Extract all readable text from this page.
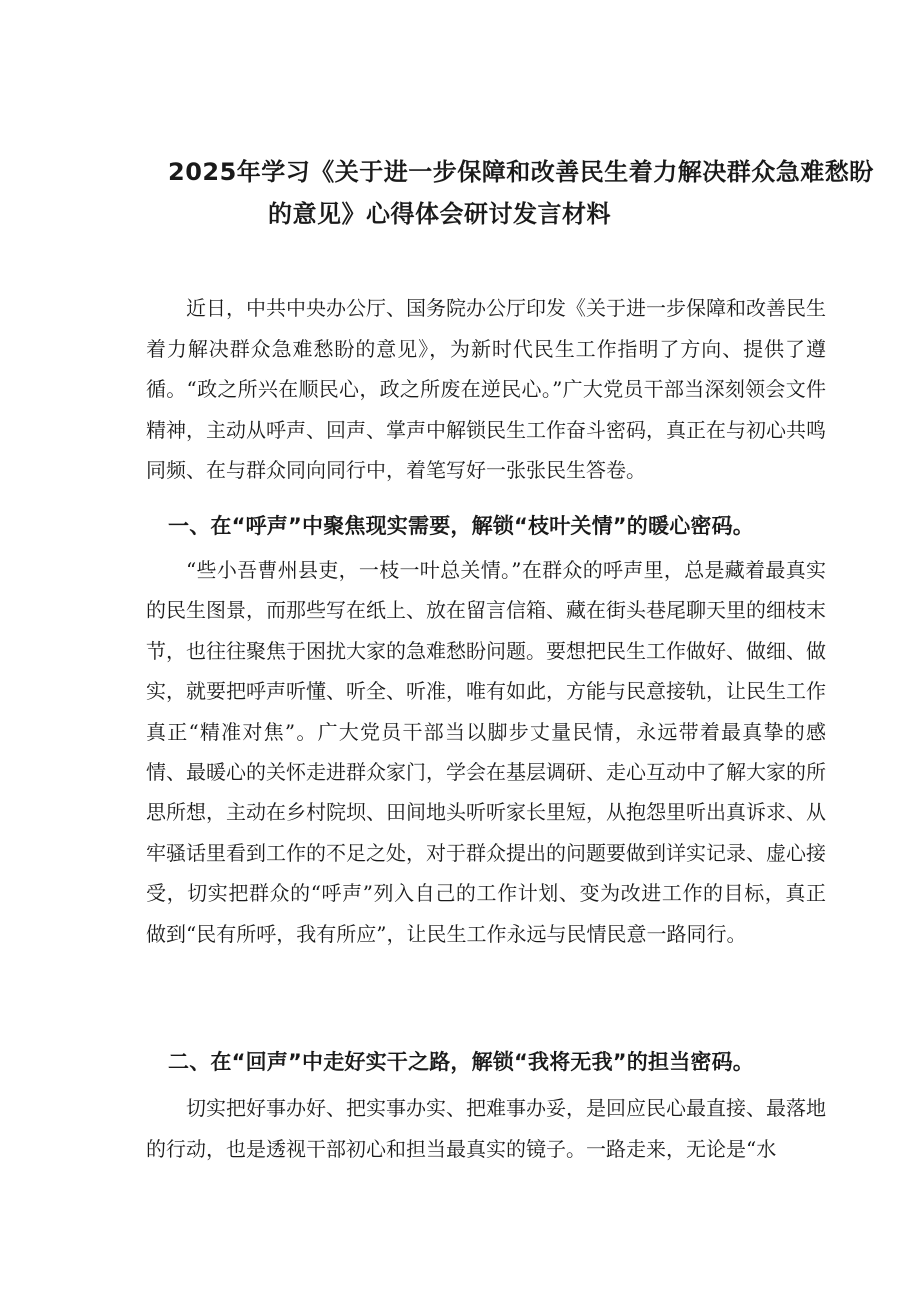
2025年学习《关于进一步保障和改善民生着力解决群众急难愁盼
的意见》心得体会研讨发言材料

近日，中共中央办公厅、国务院办公厅印发《关于进一步保障和改善民生着力解决群众急难愁盼的意见》，为新时代民生工作指明了方向、提供了遵循。“政之所兴在顺民心，政之所废在逆民心。”广大党员干部当深刻领会文件精神，主动从呼声、回声、掌声中解锁民生工作奋斗密码，真正在与初心共鸣同频、在与群众同向同行中，着笔写好一张张民生答卷。

一、在“呼声”中聚焦现实需要，解锁“枝叶关情”的暖心密码。

“些小吾曹州县吏，一枝一叶总关情。”在群众的呼声里，总是藏着最真实的民生图景，而那些写在纸上、放在留言信箱、藏在街头巷尾聊天里的细枝末节，也往往聚焦于困扰大家的急难愁盼问题。要想把民生工作做好、做细、做实，就要把呼声听懂、听全、听准，唯有如此，方能与民意接轨，让民生工作真正“精准对焦”。广大党员干部当以脚步丈量民情，永远带着最真挚的感情、最暖心的关怀走进群众家门，学会在基层调研、走心互动中了解大家的所思所想，主动在乡村院坝、田间地头听听家长里短，从抱怨里听出真诉求、从牢骚话里看到工作的不足之处，对于群众提出的问题要做到详实记录、虚心接受，切实把群众的“呼声”列入自己的工作计划、变为改进工作的目标，真正做到“民有所呼，我有所应”，让民生工作永远与民情民意一路同行。

二、在“回声”中走好实干之路，解锁“我将无我”的担当密码。

切实把好事办好、把实事办实、把难事办妥，是回应民心最直接、最落地的行动，也是透视干部初心和担当最真实的镜子。一路走来，无论是“水
